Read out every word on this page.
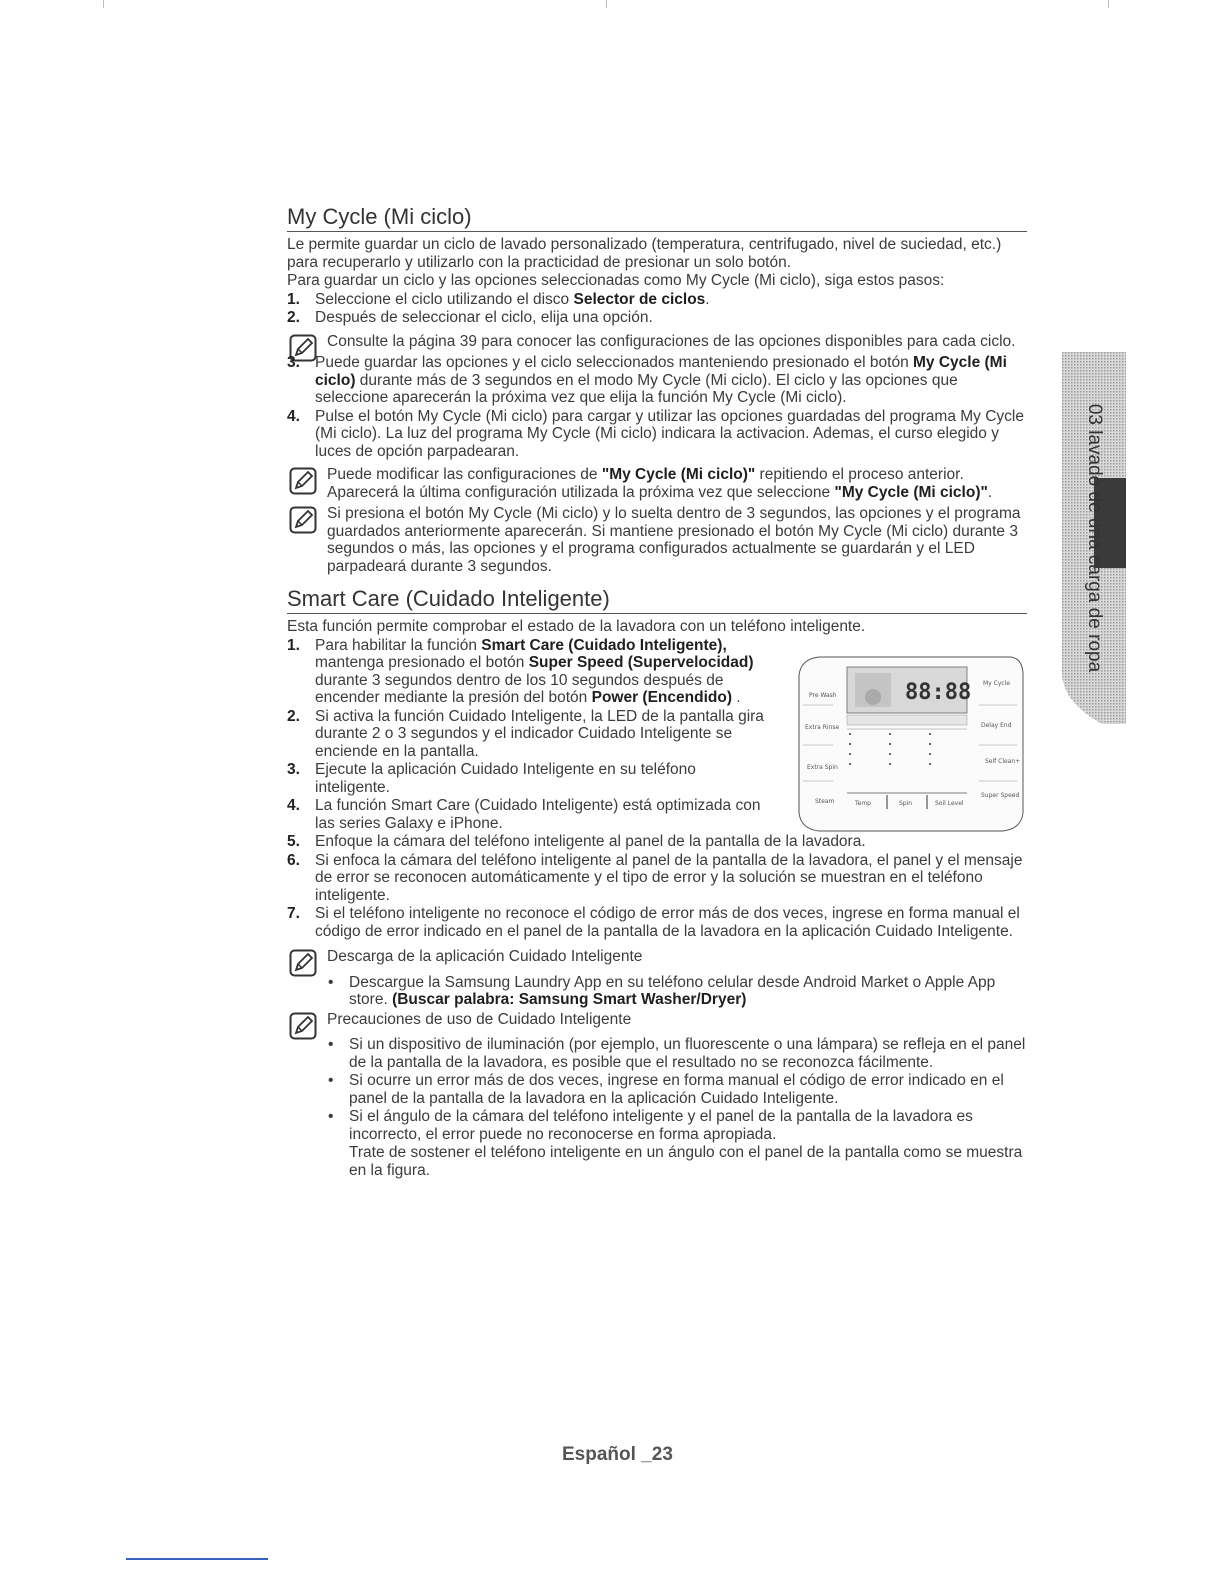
03 lavado de una carga de ropa
My Cycle (Mi ciclo)

Le permite guardar un ciclo de lavado personalizado (temperatura, centrifugado, nivel de suciedad, etc.) para recuperarlo y utilizarlo con la practicidad de presionar un solo botón.

Para guardar un ciclo y las opciones seleccionadas como My Cycle (Mi ciclo), siga estos pasos:

1. Seleccione el ciclo utilizando el disco Selector de ciclos.
2. Después de seleccionar el ciclo, elija una opción.
Consulte la página 39 para conocer las configuraciones de las opciones disponibles para cada ciclo.
3. Puede guardar las opciones y el ciclo seleccionados manteniendo presionado el botón My Cycle (Mi ciclo) durante más de 3 segundos en el modo My Cycle (Mi ciclo). El ciclo y las opciones que seleccione aparecerán la próxima vez que elija la función My Cycle (Mi ciclo).
4. Pulse el botón My Cycle (Mi ciclo) para cargar y utilizar las opciones guardadas del programa My Cycle (Mi ciclo). La luz del programa My Cycle (Mi ciclo) indicara la activacion. Ademas, el curso elegido y luces de opción parpadearan.
Puede modificar las configuraciones de "My Cycle (Mi ciclo)" repitiendo el proceso anterior.
Aparecerá la última configuración utilizada la próxima vez que seleccione "My Cycle (Mi ciclo)".
Si presiona el botón My Cycle (Mi ciclo) y lo suelta dentro de 3 segundos, las opciones y el programa guardados anteriormente aparecerán. Si mantiene presionado el botón My Cycle (Mi ciclo) durante 3 segundos o más, las opciones y el programa configurados actualmente se guardarán y el LED parpadeará durante 3 segundos.
Smart Care (Cuidado Inteligente)

Esta función permite comprobar el estado de la lavadora con un teléfono inteligente.

1. Para habilitar la función Smart Care (Cuidado Inteligente), mantenga presionado el botón Super Speed (Supervelocidad) durante 3 segundos dentro de los 10 segundos después de encender mediante la presión del botón Power (Encendido) .
2. Si activa la función Cuidado Inteligente, la LED de la pantalla gira durante 2 o 3 segundos y el indicador Cuidado Inteligente se enciende en la pantalla.
3. Ejecute la aplicación Cuidado Inteligente en su teléfono inteligente.
4. La función Smart Care (Cuidado Inteligente) está optimizada con las series Galaxy e iPhone.
88:88
Pre Wash
Extra Rinse
Extra Spin
Steam
My Cycle
Delay End
Self Clean+
Super Speed
Temp	Spin	Soil Level
5. Enfoque la cámara del teléfono inteligente al panel de la pantalla de la lavadora.
6. Si enfoca la cámara del teléfono inteligente al panel de la pantalla de la lavadora, el panel y el mensaje de error se reconocen automáticamente y el tipo de error y la solución se muestran en el teléfono inteligente.
7. Si el teléfono inteligente no reconoce el código de error más de dos veces, ingrese en forma manual el código de error indicado en el panel de la pantalla de la lavadora en la aplicación Cuidado Inteligente.
Descarga de la aplicación Cuidado Inteligente
• Descargue la Samsung Laundry App en su teléfono celular desde Android Market o Apple App store. (Buscar palabra: Samsung Smart Washer/Dryer)
Precauciones de uso de Cuidado Inteligente
• Si un dispositivo de iluminación (por ejemplo, un fluorescente o una lámpara) se refleja en el panel de la pantalla de la lavadora, es posible que el resultado no se reconozca fácilmente.
• Si ocurre un error más de dos veces, ingrese en forma manual el código de error indicado en el panel de la pantalla de la lavadora en la aplicación Cuidado Inteligente.
• Si el ángulo de la cámara del teléfono inteligente y el panel de la pantalla de la lavadora es incorrecto, el error puede no reconocerse en forma apropiada.
Trate de sostener el teléfono inteligente en un ángulo con el panel de la pantalla como se muestra en la figura.
Español _23
